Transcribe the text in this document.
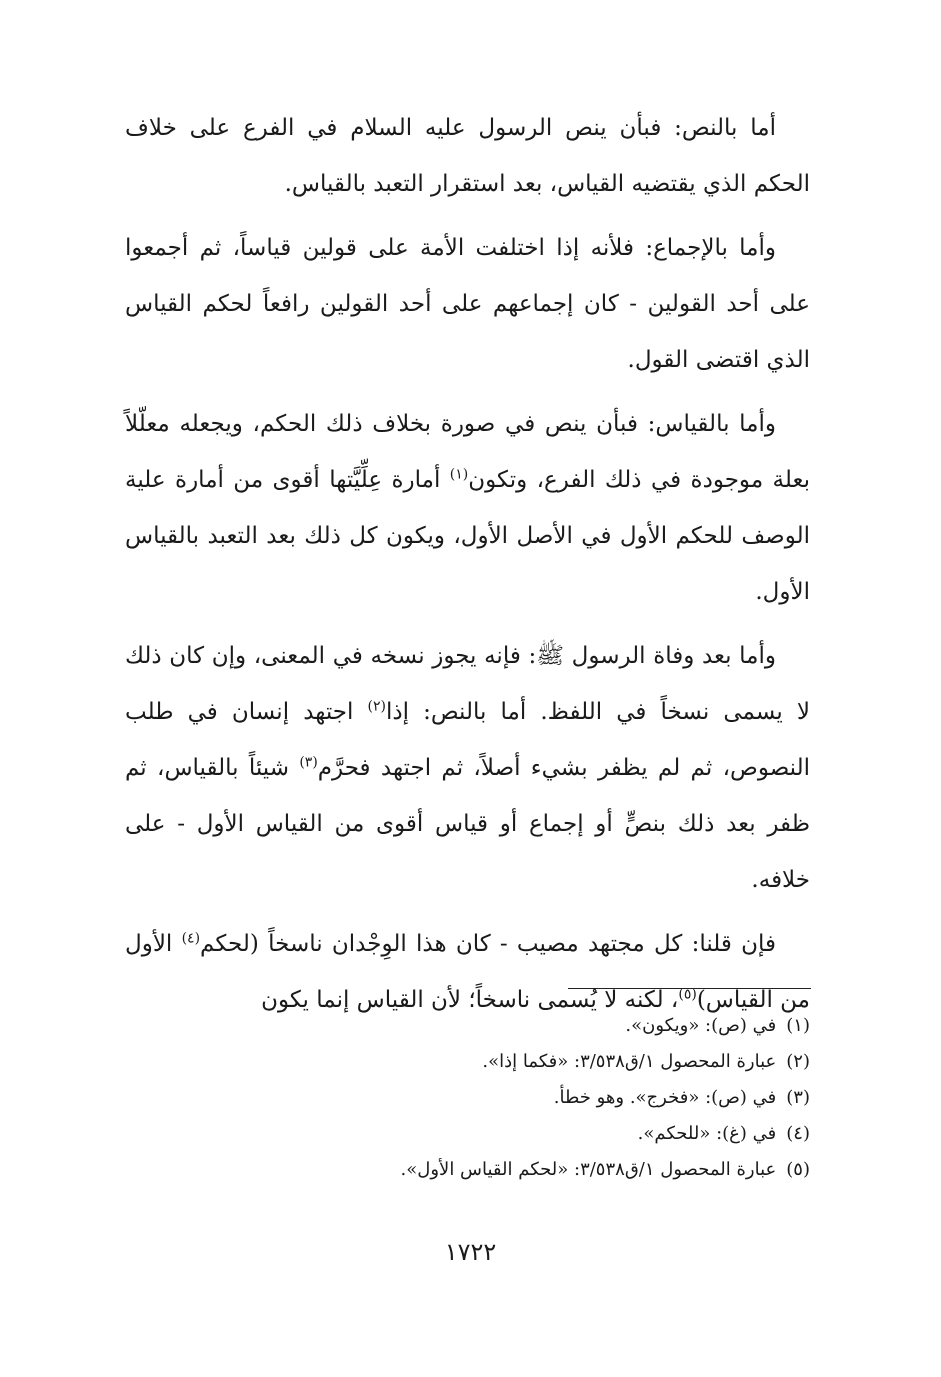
أما بالنص: فبأن ينص الرسول عليه السلام في الفرع على خلاف الحكم الذي يقتضيه القياس، بعد استقرار التعبد بالقياس.

وأما بالإجماع: فلأنه إذا اختلفت الأمة على قولين قياساً، ثم أجمعوا على أحد القولين - كان إجماعهم على أحد القولين رافعاً لحكم القياس الذي اقتضى القول.

وأما بالقياس: فبأن ينص في صورة بخلاف ذلك الحكم، ويجعله معلّلاً بعلة موجودة في ذلك الفرع، وتكون$^{(١)}$ أمارة عِلِّيَّتها أقوى من أمارة علية الوصف للحكم الأول في الأصل الأول، ويكون كل ذلك بعد التعبد بالقياس الأول.

وأما بعد وفاة الرسول ﷺ: فإنه يجوز نسخه في المعنى، وإن كان ذلك لا يسمى نسخاً في اللفظ. أما بالنص: إذا$^{(٢)}$ اجتهد إنسان في طلب النصوص، ثم لم يظفر بشيء أصلاً، ثم اجتهد فحرَّم$^{(٣)}$ شيئاً بالقياس، ثم ظفر بعد ذلك بنصٍّ أو إجماع أو قياس أقوى من القياس الأول - على خلافه.

فإن قلنا: كل مجتهد مصيب - كان هذا الوِجْدان ناسخاً (لحكم$^{(٤)}$ الأول من القياس)$^{(٥)}$، لكنه لا يُسمى ناسخاً؛ لأن القياس إنما يكون

(١)في (ص): «ويكون».
(٢)عبارة المحصول ١/ق٣/٥٣٨: «فكما إذا».
(٣)في (ص): «فخرج». وهو خطأ.
(٤)في (غ): «للحكم».
(٥)عبارة المحصول ١/ق٣/٥٣٨: «لحكم القياس الأول».
١٧٢٢
